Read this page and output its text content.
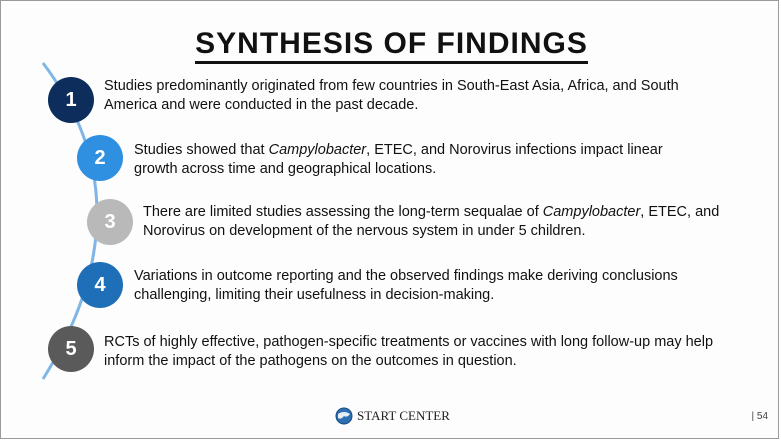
SYNTHESIS OF FINDINGS
1
Studies predominantly originated from few countries in South-East Asia, Africa, and South America and were conducted in the past decade.
2 Studies showed that Campylobacter, ETEC, and Norovirus infections impact linear growth across time and geographical locations.
3 There are limited studies assessing the long-term sequalae of Campylobacter, ETEC, and Norovirus on development of the nervous system in under 5 children.
4 Variations in outcome reporting and the observed findings make deriving conclusions challenging, limiting their usefulness in decision-making.
5 RCTs of highly effective, pathogen-specific treatments or vaccines with long follow-up may help inform the impact of the pathogens on the outcomes in question.
START CENTER	| 54
